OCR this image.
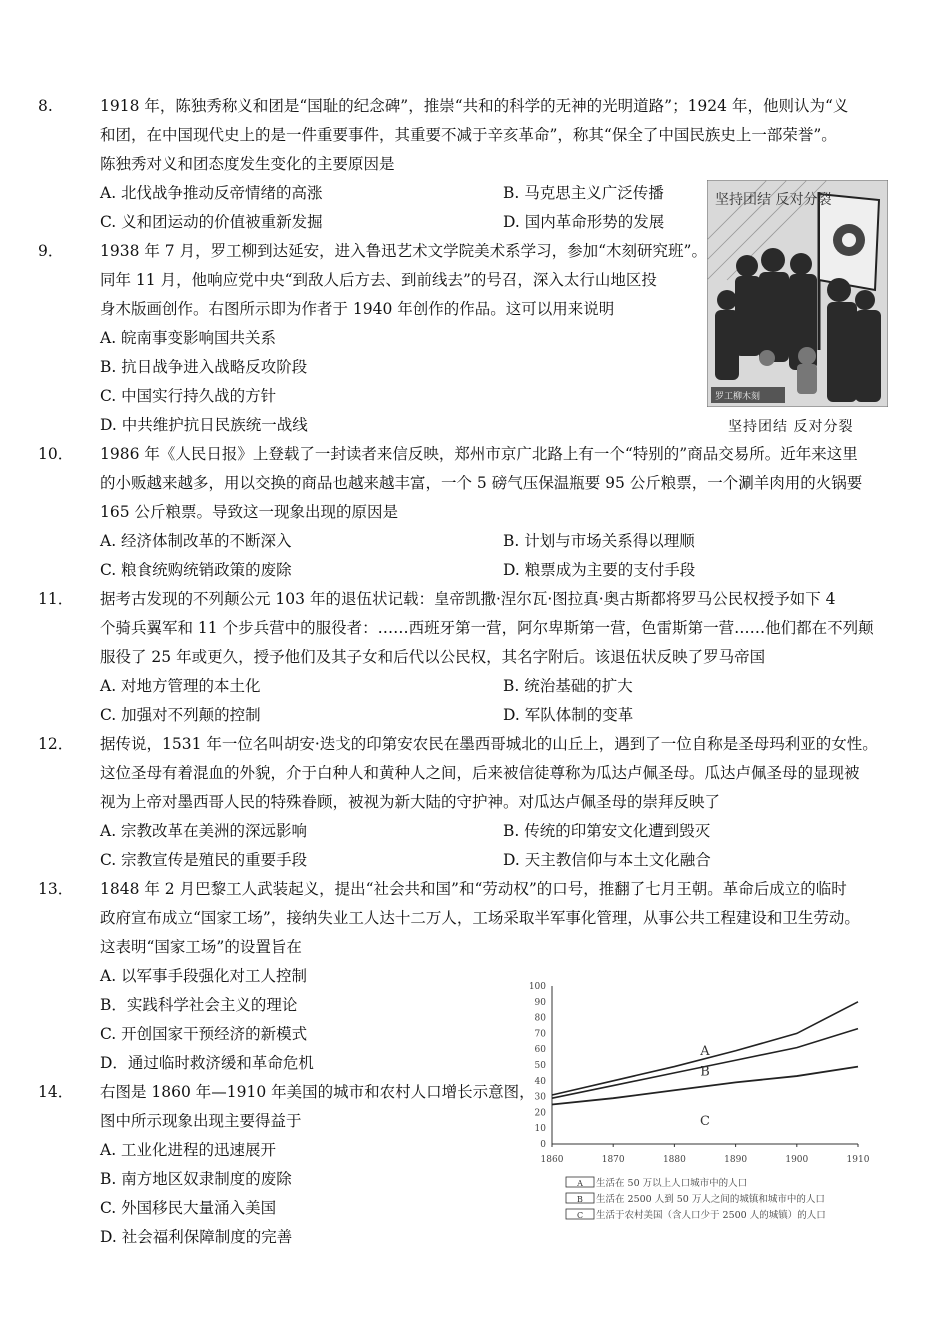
8.	1918 年，陈独秀称义和团是“国耻的纪念碑”，推崇“共和的科学的无神的光明道路”；1924 年，他则认为“义
和团，在中国现代史上的是一件重要事件，其重要不减于辛亥革命”，称其“保全了中国民族史上一部荣誉”。
陈独秀对义和团态度发生变化的主要原因是
A. 北伐战争推动反帝情绪的高涨	B. 马克思主义广泛传播
C. 义和团运动的价值被重新发掘	D. 国内革命形势的发展
9． 1938 年 7 月，罗工柳到达延安，进入鲁迅艺术文学院美术系学习，参加“木刻研究班”。
同年 11 月，他响应党中央“到敌人后方去、到前线去”的号召，深入太行山地区投
身木版画创作。右图所示即为作者于 1940 年创作的作品。这可以用来说明
A. 皖南事变影响国共关系
B. 抗日战争进入战略反攻阶段
C. 中国实行持久战的方针
D. 中共维护抗日民族统一战线
坚持团结 反对分裂
罗工柳木刻
坚持团结 反对分裂
10． 1986 年《人民日报》上登载了一封读者来信反映，郑州市京广北路上有一个“特别的”商品交易所。近年来这里
的小贩越来越多，用以交换的商品也越来越丰富，一个 5 磅气压保温瓶要 95 公斤粮票，一个涮羊肉用的火锅要
165 公斤粮票。导致这一现象出现的原因是
A. 经济体制改革的不断深入	B. 计划与市场关系得以理顺
C. 粮食统购统销政策的废除	D. 粮票成为主要的支付手段
11． 据考古发现的不列颠公元 103 年的退伍状记载：皇帝凯撒·涅尔瓦·图拉真·奥古斯都将罗马公民权授予如下 4
个骑兵翼军和 11 个步兵营中的服役者：……西班牙第一营，阿尔卑斯第一营，色雷斯第一营……他们都在不列颠
服役了 25 年或更久，授予他们及其子女和后代以公民权，其名字附后。该退伍状反映了罗马帝国
A. 对地方管理的本土化	B. 统治基础的扩大
C. 加强对不列颠的控制	D. 军队体制的变革
12． 据传说，1531 年一位名叫胡安·迭戈的印第安农民在墨西哥城北的山丘上，遇到了一位自称是圣母玛利亚的女性。
这位圣母有着混血的外貌，介于白种人和黄种人之间，后来被信徒尊称为瓜达卢佩圣母。瓜达卢佩圣母的显现被
视为上帝对墨西哥人民的特殊眷顾，被视为新大陆的守护神。对瓜达卢佩圣母的崇拜反映了
A. 宗教改革在美洲的深远影响	B. 传统的印第安文化遭到毁灭
C. 宗教宣传是殖民的重要手段	D. 天主教信仰与本土文化融合
13． 1848 年 2 月巴黎工人武装起义，提出“社会共和国”和“劳动权”的口号，推翻了七月王朝。革命后成立的临时
政府宣布成立“国家工场”，接纳失业工人达十二万人，工场采取半军事化管理，从事公共工程建设和卫生劳动。
这表明“国家工场”的设置旨在
A. 以军事手段强化对工人控制
B．实践科学社会主义的理论
C. 开创国家干预经济的新模式
D．通过临时救济缓和革命危机
14． 右图是 1860 年—1910 年美国的城市和农村人口增长示意图，
图中所示现象出现主要得益于
A. 工业化进程的迅速展开
B. 南方地区奴隶制度的废除
C. 外国移民大量涌入美国
D. 社会福利保障制度的完善
0
10
20
30
40
50
60
70
80
90
100
1860	1870	1880	1890	1900	1910
A
B
C
A 生活在 50 万以上人口城市中的人口
B 生活在 2500 人到 50 万人之间的城镇和城市中的人口
C 生活于农村美国（含人口少于 2500 人的城镇）的人口
